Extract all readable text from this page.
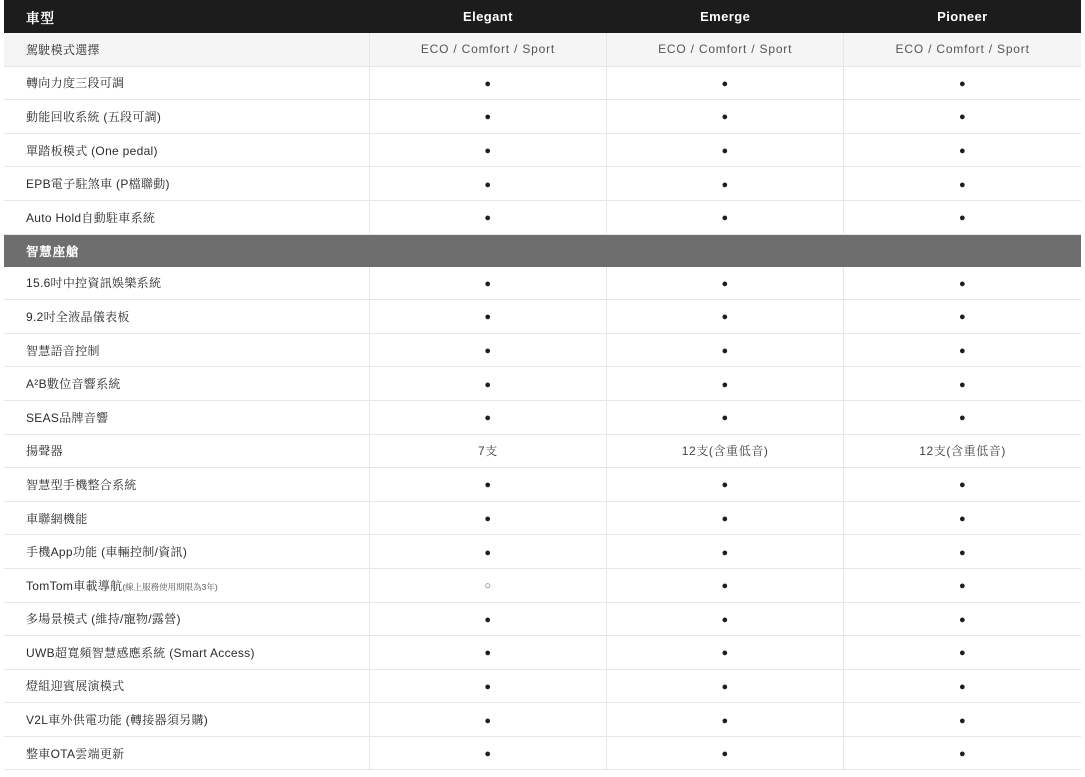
車型	Elegant	Emerge	Pioneer
駕駛模式選擇	ECO / Comfort / Sport	ECO / Comfort / Sport	ECO / Comfort / Sport
轉向力度三段可調	●	●	●
動能回收系統 (五段可調)	●	●	●
單踏板模式 (One pedal)	●	●	●
EPB電子駐煞車 (P檔聯動)	●	●	●
Auto Hold自動駐車系統	●	●	●
智慧座艙			
15.6吋中控資訊娛樂系統	●	●	●
9.2吋全液晶儀表板	●	●	●
智慧語音控制	●	●	●
A²B數位音響系統	●	●	●
SEAS品牌音響	●	●	●
揚聲器	7支	12支(含重低音)	12支(含重低音)
智慧型手機整合系統	●	●	●
車聯網機能	●	●	●
手機App功能 (車輛控制/資訊)	●	●	●
TomTom車載導航(線上服務使用期限為3年)	○	●	●
多場景模式 (維持/寵物/露營)	●	●	●
UWB超寬頻智慧感應系統 (Smart Access)	●	●	●
燈組迎賓展演模式	●	●	●
V2L車外供電功能 (轉接器須另購)	●	●	●
整車OTA雲端更新	●	●	●
